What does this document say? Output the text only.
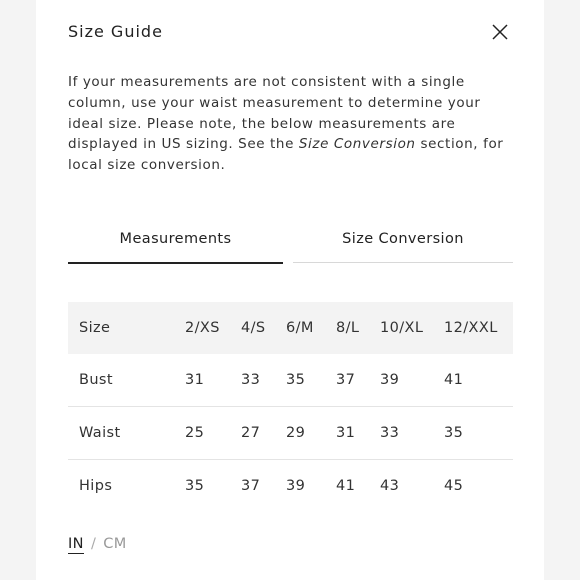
Size Guide
If your measurements are not consistent with a single column, use your waist measurement to determine your ideal size. Please note, the below measurements are displayed in US sizing. See the Size Conversion section, for local size conversion.
Measurements	Size Conversion
Size	2/XS	4/S	6/M	8/L	10/XL	12/XXL
Bust	31	33	35	37	39	41
Waist	25	27	29	31	33	35
Hips	35	37	39	41	43	45
IN / CM
